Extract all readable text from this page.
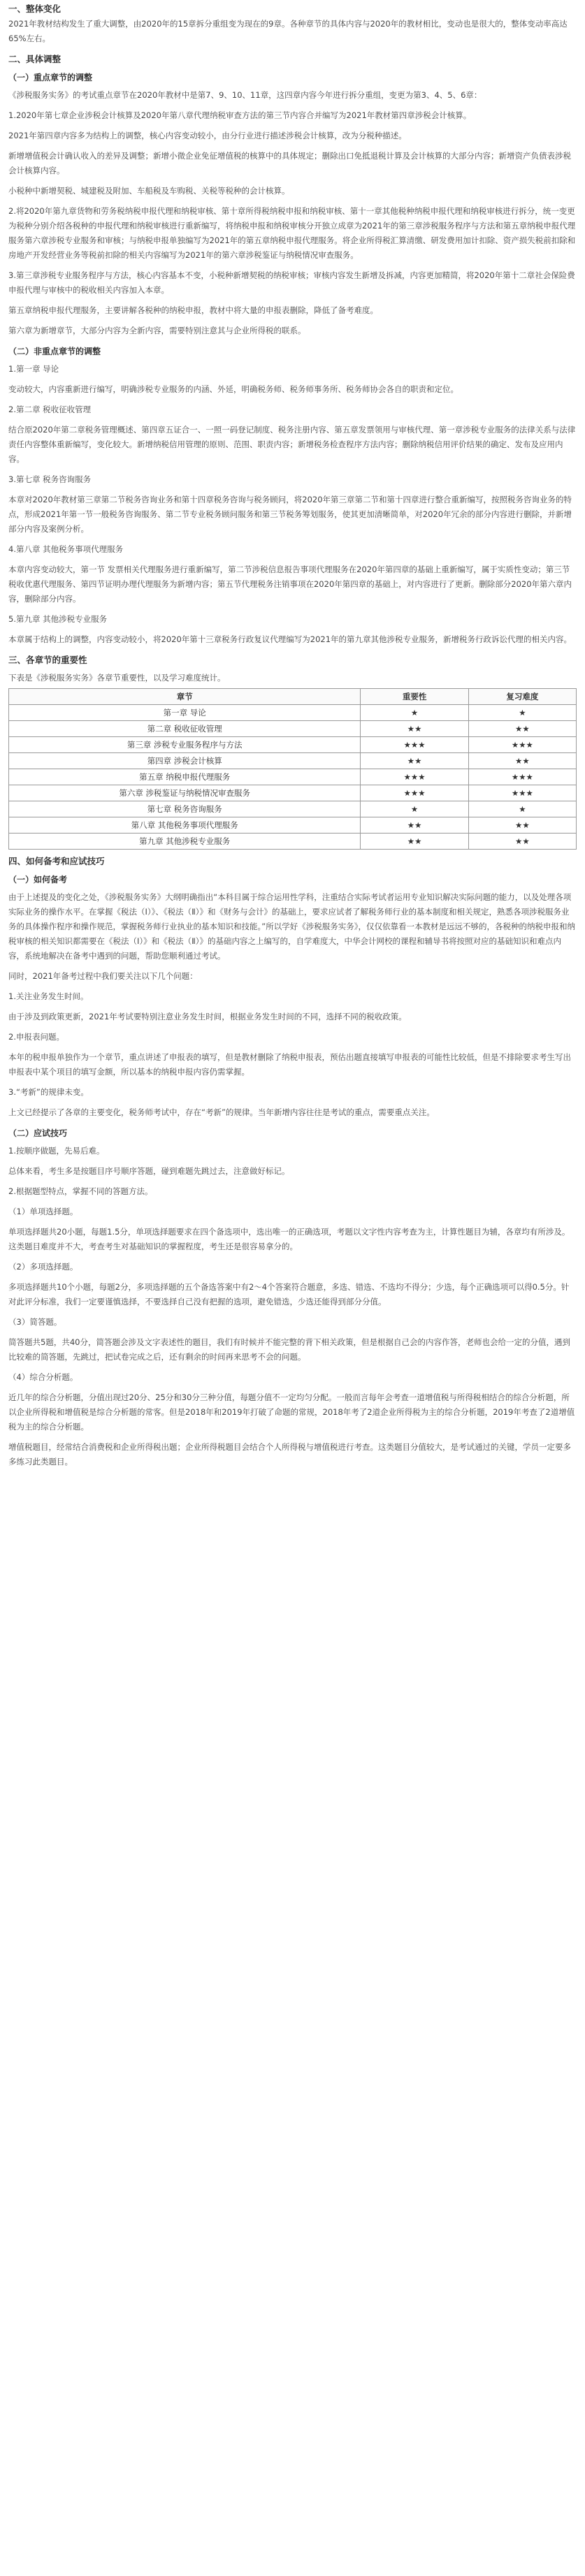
一、整体变化

2021年教材结构发生了重大调整，由2020年的15章拆分重组变为现在的9章。各种章节的具体内容与2020年的教材相比，变动也是很大的，整体变动率高达65%左右。

二、具体调整
（一）重点章节的调整

《涉税服务实务》的考试重点章节在2020年教材中是第7、9、10、11章，这四章内容今年进行拆分重组，变更为第3、4、5、6章：

1.2020年第七章企业涉税会计核算及2020年第八章代理纳税审查方法的第三节内容合并编写为2021年教材第四章涉税会计核算。

2021年第四章内容多为结构上的调整，核心内容变动较小，由分行业进行描述涉税会计核算，改为分税种描述。

新增增值税会计确认收入的差异及调整；新增小微企业免征增值税的核算中的具体规定；删除出口免抵退税计算及会计核算的大部分内容；新增资产负债表涉税会计核算内容。

小税种中新增契税、城建税及附加、车船税及车购税、关税等税种的会计核算。

2.将2020年第九章货物和劳务税纳税申报代理和纳税审核、第十章所得税纳税申报和纳税审核、第十一章其他税种纳税申报代理和纳税审核进行拆分，统一变更为税种分别介绍各税种的申报代理和纳税审核进行重新编写，将纳税申报和纳税审核分开独立成章为2021年的第三章涉税服务程序与方法和第五章纳税申报代理服务第六章涉税专业服务和审核；与纳税申报单独编写为2021年的第五章纳税申报代理服务。将企业所得税汇算清缴、研发费用加计扣除、资产损失税前扣除和房地产开发经营业务等税前扣除的相关内容编写为2021年的第六章涉税鉴证与纳税情况审查服务。

3.第三章涉税专业服务程序与方法，核心内容基本不变，小税种新增契税的纳税审核；审核内容发生新增及拆减，内容更加精简，将2020年第十二章社会保险费申报代理与审核中的税收相关内容加入本章。

第五章纳税申报代理服务，主要讲解各税种的纳税申报，教材中将大量的申报表删除，降低了备考难度。

第六章为新增章节，大部分内容为全新内容，需要特别注意其与企业所得税的联系。

（二）非重点章节的调整

1.第一章 导论

变动较大，内容重新进行编写，明确涉税专业服务的内涵、外延，明确税务师、税务师事务所、税务师协会各自的职责和定位。

2.第二章 税收征收管理

结合原2020年第二章税务管理概述、第四章五证合一、一照一码登记制度、税务注册内容、第五章发票领用与审核代理、第一章涉税专业服务的法律关系与法律责任内容整体重新编写，变化较大。新增纳税信用管理的原则、范围、职责内容；新增税务检查程序方法内容；删除纳税信用评价结果的确定、发布及应用内容。

3.第七章 税务咨询服务

本章对2020年教材第三章第二节税务咨询业务和第十四章税务咨询与税务顾问，将2020年第三章第二节和第十四章进行整合重新编写，按照税务咨询业务的特点，形成2021年第一节一般税务咨询服务、第二节专业税务顾问服务和第三节税务筹划服务，使其更加清晰简单，对2020年冗余的部分内容进行删除，并新增部分内容及案例分析。

4.第八章 其他税务事项代理服务

本章内容变动较大，第一节 发票相关代理服务进行重新编写，第二节涉税信息报告事项代理服务在2020年第四章的基础上重新编写，属于实质性变动；第三节税收优惠代理服务、第四节证明办理代理服务为新增内容；第五节代理税务注销事项在2020年第四章的基础上，对内容进行了更新。删除部分2020年第六章内容，删除部分内容。

5.第九章 其他涉税专业服务

本章属于结构上的调整，内容变动较小，将2020年第十三章税务行政复议代理编写为2021年的第九章其他涉税专业服务，新增税务行政诉讼代理的相关内容。

三、各章节的重要性

下表是《涉税服务实务》各章节重要性，以及学习难度统计。

章节	重要性	复习难度
第一章 导论	★	★
第二章 税收征收管理	★★	★★
第三章 涉税专业服务程序与方法	★★★	★★★
第四章 涉税会计核算	★★	★★
第五章 纳税申报代理服务	★★★	★★★
第六章 涉税鉴证与纳税情况审查服务	★★★	★★★
第七章 税务咨询服务	★	★
第八章 其他税务事项代理服务	★★	★★
第九章 其他涉税专业服务	★★	★★
四、如何备考和应试技巧
（一）如何备考

由于上述提及的变化之处，《涉税服务实务》大纲明确指出“本科目属于综合运用性学科，注重结合实际考试者运用专业知识解决实际问题的能力，以及处理各项实际业务的操作水平。在掌握《税法（Ⅰ）》、《税法（Ⅱ）》和《财务与会计》的基础上，要求应试者了解税务师行业的基本制度和相关规定，熟悉各项涉税服务业务的具体操作程序和操作规范，掌握税务师行业执业的基本知识和技能。”所以学好《涉税服务实务》，仅仅依靠看一本教材是远远不够的，各税种的纳税申报和纳税审核的相关知识都需要在《税法（Ⅰ）》和《税法（Ⅱ）》的基础内容之上编写的，自学难度大，中华会计网校的课程和辅导书将按照对应的基础知识和难点内容，系统地解决在备考中遇到的问题，帮助您顺利通过考试。

同时，2021年备考过程中我们要关注以下几个问题：

1.关注业务发生时间。

由于涉及到政策更新，2021年考试要特别注意业务发生时间，根据业务发生时间的不同，选择不同的税收政策。

2.申报表问题。

本年的税申报单独作为一个章节，重点讲述了申报表的填写，但是教材删除了纳税申报表，预估出题直接填写申报表的可能性比较低，但是不排除要求考生写出申报表中某个项目的填写金额，所以基本的纳税申报内容仍需掌握。

3.“考新”的规律未变。

上文已经提示了各章的主要变化，税务师考试中，存在“考新”的规律。当年新增内容往往是考试的重点，需要重点关注。

（二）应试技巧

1.按顺序做题，先易后难。

总体来看，考生多是按题目序号顺序答题，碰到难题先跳过去，注意做好标记。

2.根据题型特点，掌握不同的答题方法。

（1）单项选择题。

单项选择题共20小题，每题1.5分，单项选择题要求在四个备选项中，选出唯一的正确选项，考题以文字性内容考查为主，计算性题目为辅，各章均有所涉及。这类题目难度并不大，考查考生对基础知识的掌握程度，考生还是很容易拿分的。

（2）多项选择题。

多项选择题共10个小题，每题2分，多项选择题的五个备选答案中有2～4个答案符合题意，多选、错选、不选均不得分；少选，每个正确选项可以得0.5分。针对此评分标准，我们一定要谨慎选择，不要选择自己没有把握的选项，避免错选，少选还能得到部分分值。

（3）简答题。

简答题共5题，共40分，简答题会涉及文字表述性的题目，我们有时候并不能完整的背下相关政策，但是根据自己会的内容作答，老师也会给一定的分值，遇到比较难的简答题，先跳过，把试卷完成之后，还有剩余的时间再来思考不会的问题。

（4）综合分析题。

近几年的综合分析题，分值出现过20分、25分和30分三种分值，每题分值不一定均匀分配。一般而言每年会考查一道增值税与所得税相结合的综合分析题，所以企业所得税和增值税是综合分析题的常客。但是2018年和2019年打破了命题的常规，2018年考了2道企业所得税为主的综合分析题，2019年考查了2道增值税为主的综合分析题。

增值税题目，经常结合消费税和企业所得税出题；企业所得税题目会结合个人所得税与增值税进行考查。这类题目分值较大，是考试通过的关键，学员一定要多多练习此类题目。
